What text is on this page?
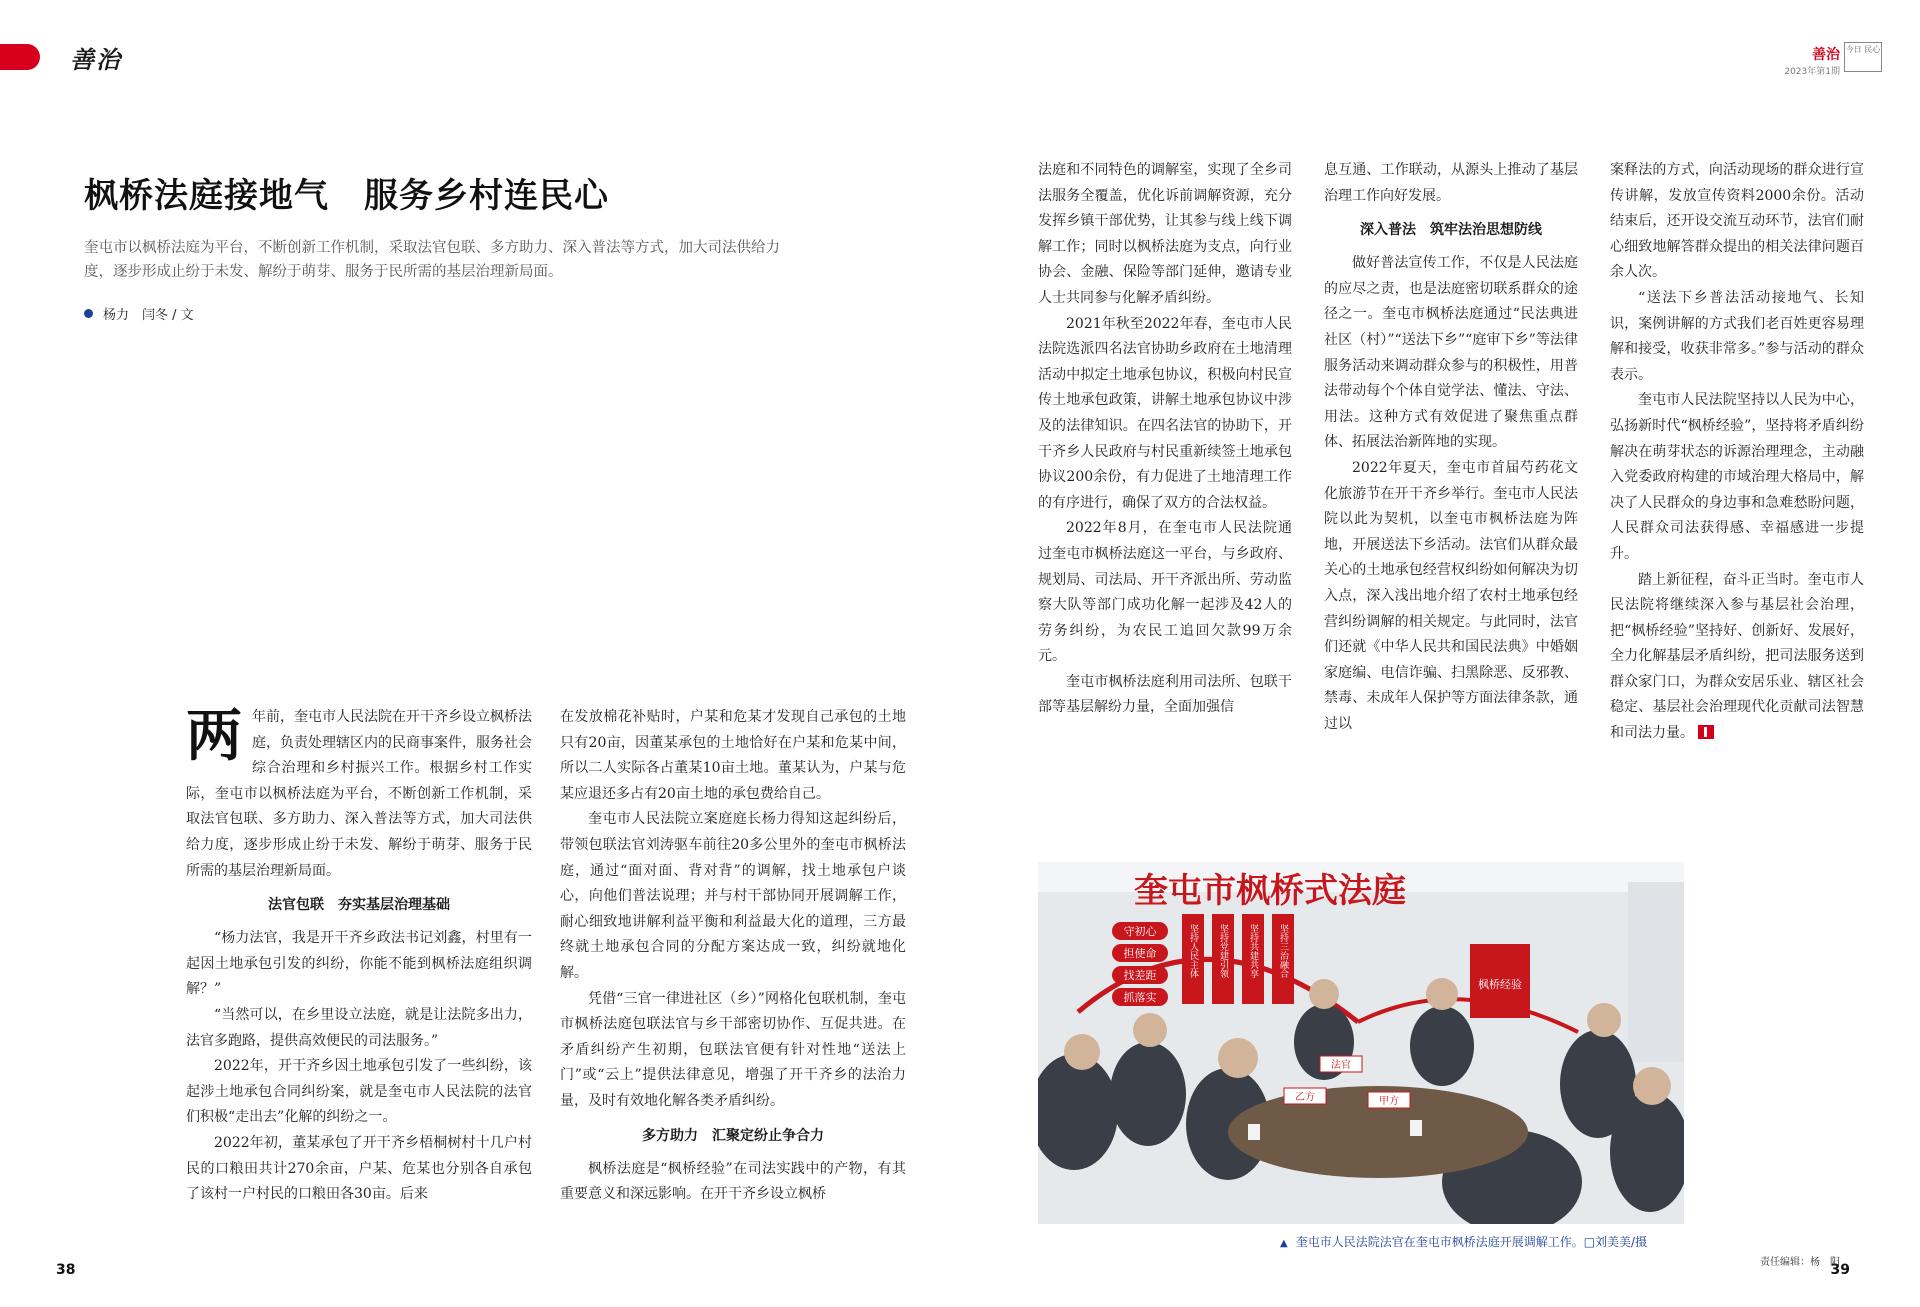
善治	善治
2023年第1期
今日 民心
枫桥法庭接地气　服务乡村连民心
奎屯市以枫桥法庭为平台，不断创新工作机制，采取法官包联、多方助力、深入普法等方式，加大司法供给力度，逐步形成止纷于未发、解纷于萌芽、服务于民所需的基层治理新局面。
杨力　闫冬 / 文

两年前，奎屯市人民法院在开干齐乡设立枫桥法庭，负责处理辖区内的民商事案件，服务社会综合治理和乡村振兴工作。根据乡村工作实际，奎屯市以枫桥法庭为平台，不断创新工作机制，采取法官包联、多方助力、深入普法等方式，加大司法供给力度，逐步形成止纷于未发、解纷于萌芽、服务于民所需的基层治理新局面。

法官包联　夯实基层治理基础

“杨力法官，我是开干齐乡政法书记刘鑫，村里有一起因土地承包引发的纠纷，你能不能到枫桥法庭组织调解？”

“当然可以，在乡里设立法庭，就是让法院多出力，法官多跑路，提供高效便民的司法服务。”

2022年，开干齐乡因土地承包引发了一些纠纷，该起涉土地承包合同纠纷案，就是奎屯市人民法院的法官们积极“走出去”化解的纠纷之一。

2022年初，董某承包了开干齐乡梧桐树村十几户村民的口粮田共计270余亩，户某、危某也分别各自承包了该村一户村民的口粮田各30亩。后来

在发放棉花补贴时，户某和危某才发现自己承包的土地只有20亩，因董某承包的土地恰好在户某和危某中间，所以二人实际各占董某10亩土地。董某认为，户某与危某应退还多占有20亩土地的承包费给自己。

奎屯市人民法院立案庭庭长杨力得知这起纠纷后，带领包联法官刘涛驱车前往20多公里外的奎屯市枫桥法庭，通过“面对面、背对背”的调解，找土地承包户谈心，向他们普法说理；并与村干部协同开展调解工作，耐心细致地讲解利益平衡和利益最大化的道理，三方最终就土地承包合同的分配方案达成一致，纠纷就地化解。

凭借“三官一律进社区（乡）”网格化包联机制，奎屯市枫桥法庭包联法官与乡干部密切协作、互促共进。在矛盾纠纷产生初期，包联法官便有针对性地“送法上门”或“云上”提供法律意见，增强了开干齐乡的法治力量，及时有效地化解各类矛盾纠纷。

多方助力　汇聚定纷止争合力

枫桥法庭是“枫桥经验”在司法实践中的产物，有其重要意义和深远影响。在开干齐乡设立枫桥

法庭和不同特色的调解室，实现了全乡司法服务全覆盖，优化诉前调解资源，充分发挥乡镇干部优势，让其参与线上线下调解工作；同时以枫桥法庭为支点，向行业协会、金融、保险等部门延伸，邀请专业人士共同参与化解矛盾纠纷。

2021年秋至2022年春，奎屯市人民法院选派四名法官协助乡政府在土地清理活动中拟定土地承包协议，积极向村民宣传土地承包政策，讲解土地承包协议中涉及的法律知识。在四名法官的协助下，开干齐乡人民政府与村民重新续签土地承包协议200余份，有力促进了土地清理工作的有序进行，确保了双方的合法权益。

2022年8月，在奎屯市人民法院通过奎屯市枫桥法庭这一平台，与乡政府、规划局、司法局、开干齐派出所、劳动监察大队等部门成功化解一起涉及42人的劳务纠纷，为农民工追回欠款99万余元。

奎屯市枫桥法庭利用司法所、包联干部等基层解纷力量，全面加强信

息互通、工作联动，从源头上推动了基层治理工作向好发展。

深入普法　筑牢法治思想防线

做好普法宣传工作，不仅是人民法庭的应尽之责，也是法庭密切联系群众的途径之一。奎屯市枫桥法庭通过“民法典进社区（村）”“送法下乡”“庭审下乡”等法律服务活动来调动群众参与的积极性，用普法带动每个个体自觉学法、懂法、守法、用法。这种方式有效促进了聚焦重点群体、拓展法治新阵地的实现。

2022年夏天，奎屯市首届芍药花文化旅游节在开干齐乡举行。奎屯市人民法院以此为契机，以奎屯市枫桥法庭为阵地，开展送法下乡活动。法官们从群众最关心的土地承包经营权纠纷如何解决为切入点，深入浅出地介绍了农村土地承包经营纠纷调解的相关规定。与此同时，法官们还就《中华人民共和国民法典》中婚姻家庭编、电信诈骗、扫黑除恶、反邪教、禁毒、未成年人保护等方面法律条款，通过以

案释法的方式，向活动现场的群众进行宣传讲解，发放宣传资料2000余份。活动结束后，还开设交流互动环节，法官们耐心细致地解答群众提出的相关法律问题百余人次。

“送法下乡普法活动接地气、长知识，案例讲解的方式我们老百姓更容易理解和接受，收获非常多。”参与活动的群众表示。

奎屯市人民法院坚持以人民为中心，弘扬新时代“枫桥经验”，坚持将矛盾纠纷解决在萌芽状态的诉源治理理念，主动融入党委政府构建的市域治理大格局中，解决了人民群众的身边事和急难愁盼问题，人民群众司法获得感、幸福感进一步提升。

踏上新征程，奋斗正当时。奎屯市人民法院将继续深入参与基层社会治理，把“枫桥经验”坚持好、创新好、发展好，全力化解基层矛盾纠纷，把司法服务送到群众家门口，为群众安居乐业、辖区社会稳定、基层社会治理现代化贡献司法智慧和司法力量。

奎屯市枫桥式法庭
守初心
担使命
找差距
抓落实
坚持人民主体 坚持党建引领 坚持共建共享 坚持三治融合
枫桥经验
法官
乙方	甲方
▲ 奎屯市人民法院法官在奎屯市枫桥法庭开展调解工作。□刘美美/摄
38	39
责任编辑：杨　阳
